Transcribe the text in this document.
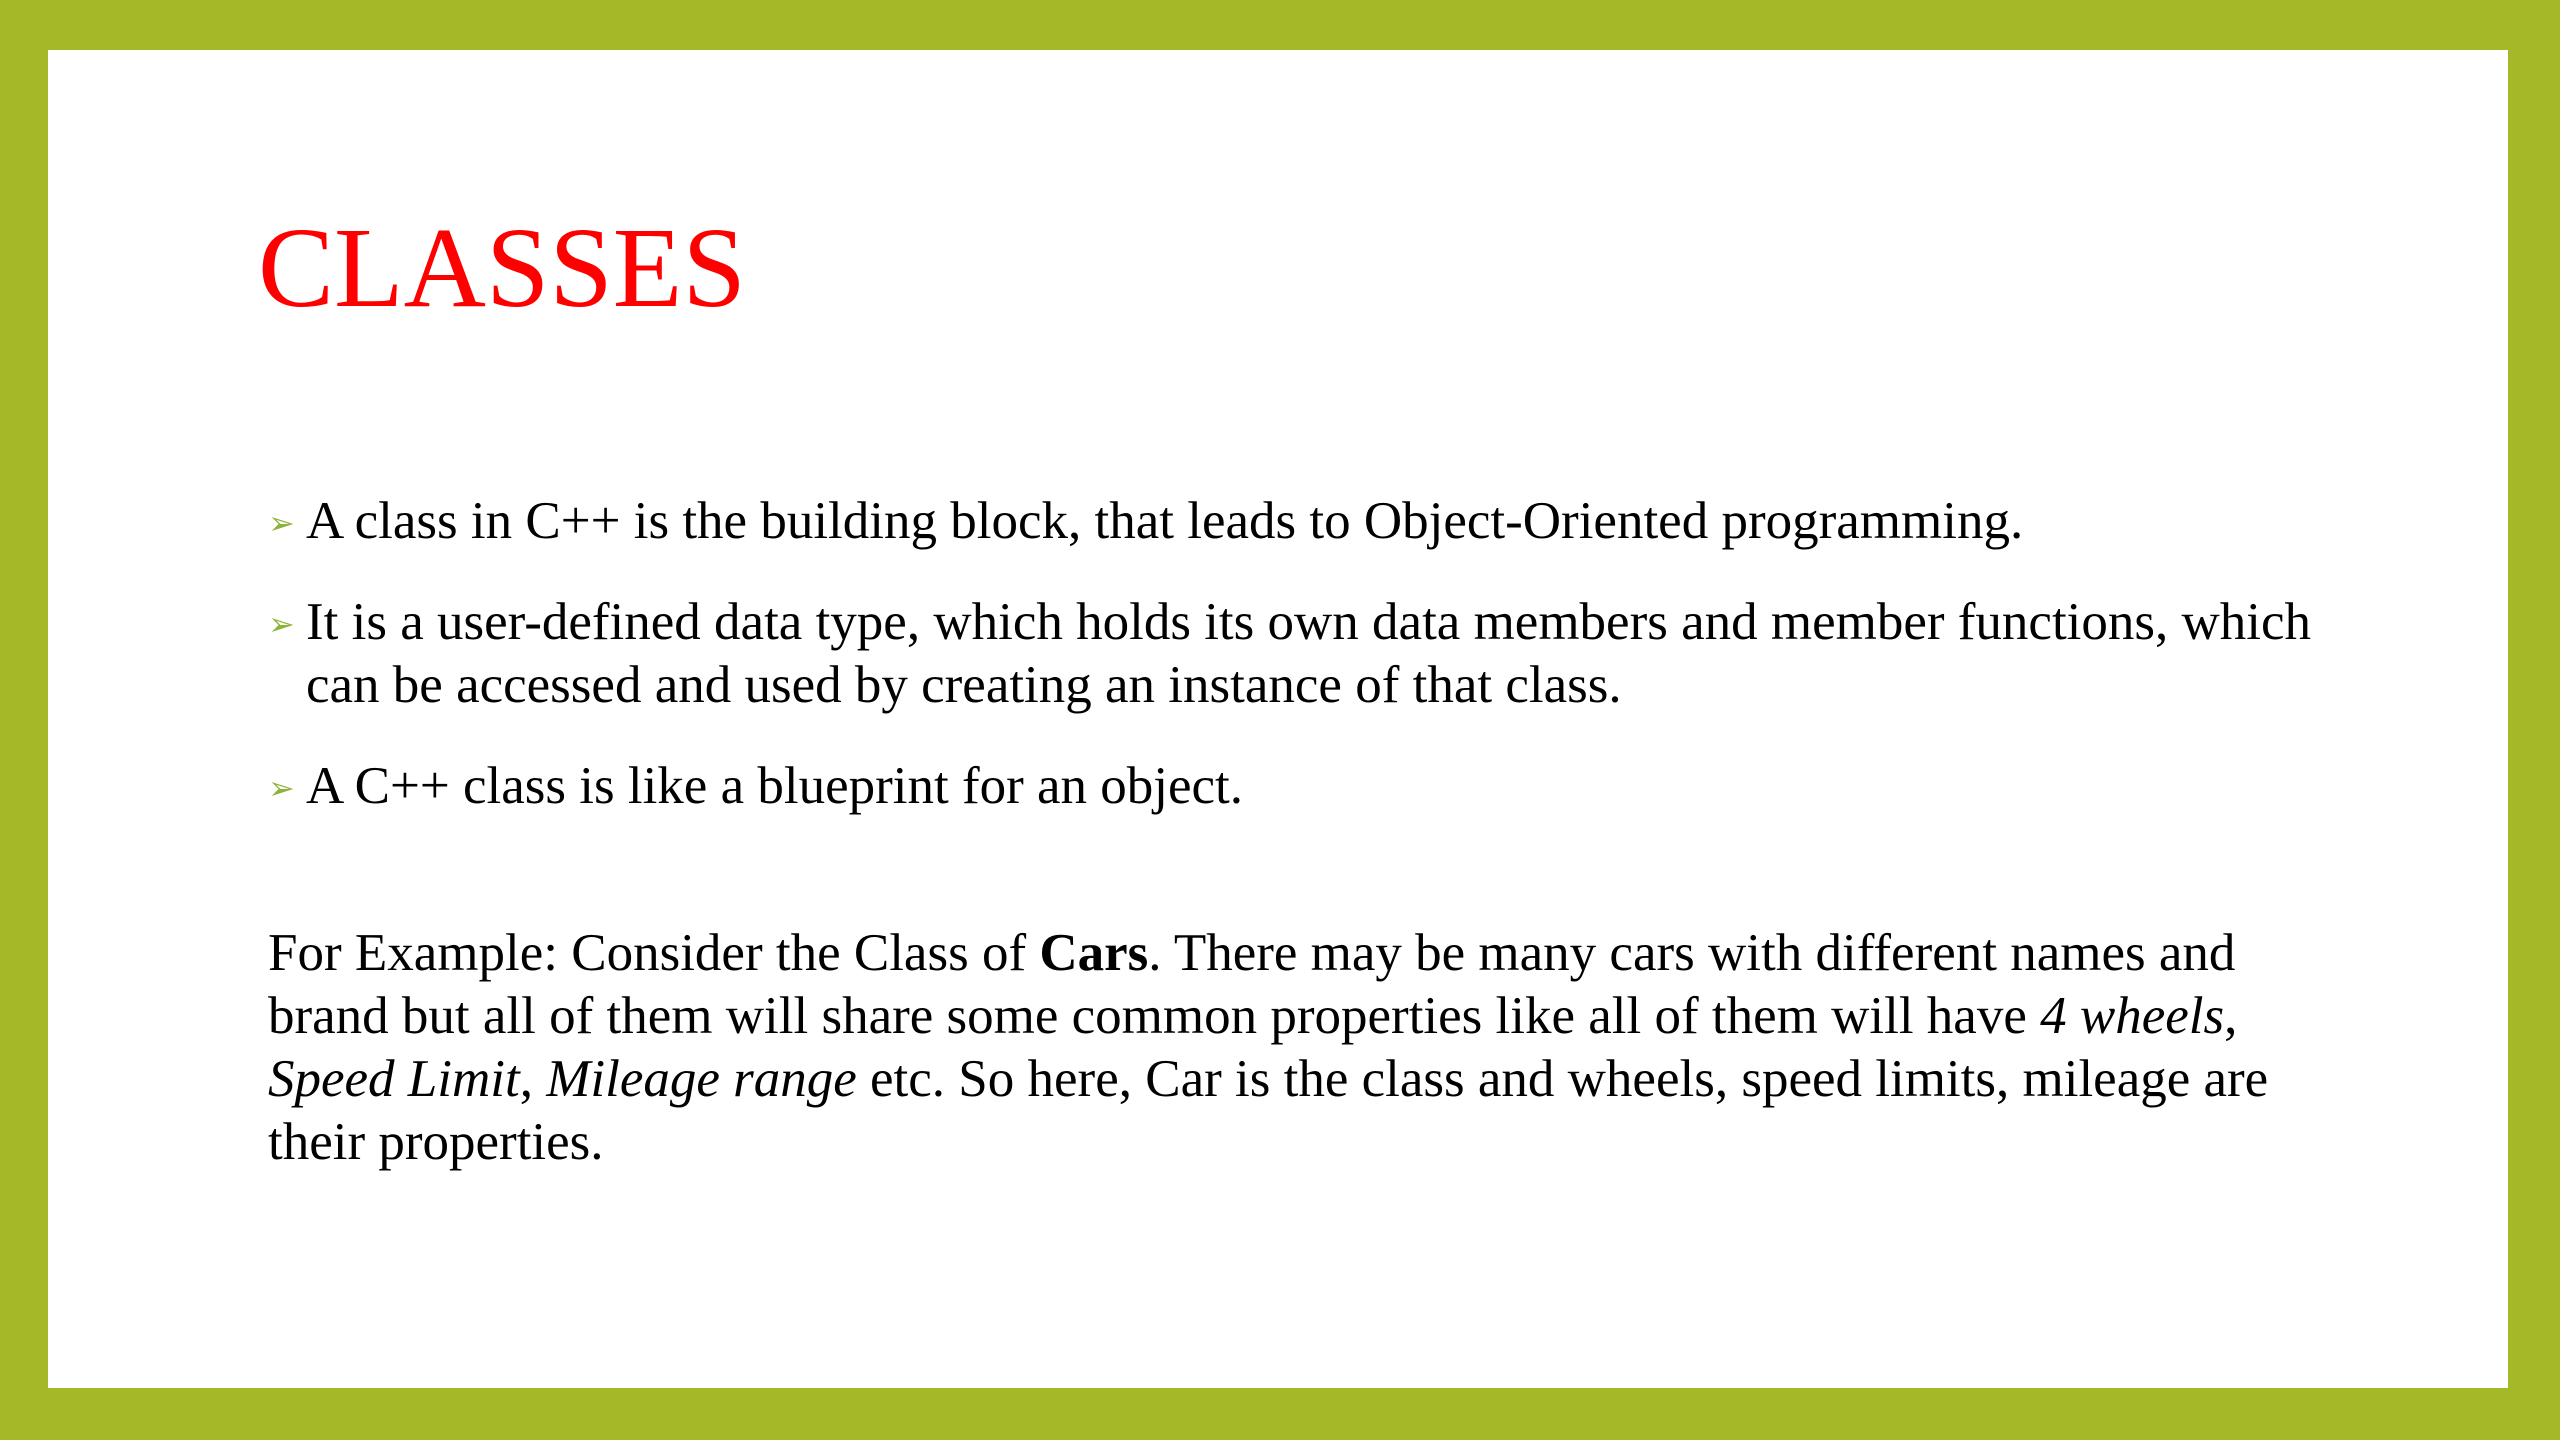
CLASSES
➢ A class in C++ is the building block, that leads to Object-Oriented programming.
➢ It is a user-defined data type, which holds its own data members and member functions, which can be accessed and used by creating an instance of that class.
➢ A C++ class is like a blueprint for an object.

For Example: Consider the Class of Cars. There may be many cars with different names and brand but all of them will share some common properties like all of them will have 4 wheels, Speed Limit, Mileage range etc. So here, Car is the class and wheels, speed limits, mileage are their properties.
